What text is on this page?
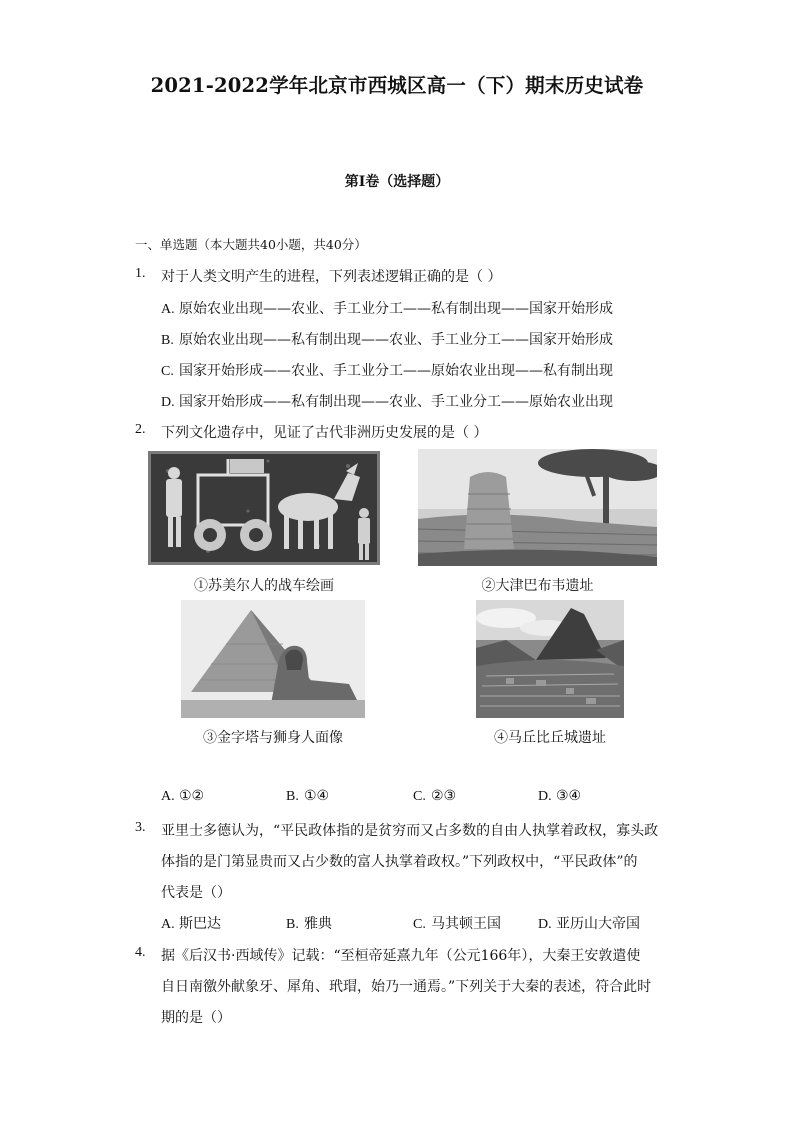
2021-2022学年北京市西城区高一（下）期末历史试卷
第I卷（选择题）
一、单选题（本大题共40小题，共40分）
1.	对于人类文明产生的进程，下列表述逻辑正确的是（ ）
A. 原始农业出现——农业、手工业分工——私有制出现——国家开始形成
B. 原始农业出现——私有制出现——农业、手工业分工——国家开始形成
C. 国家开始形成——农业、手工业分工——原始农业出现——私有制出现
D. 国家开始形成——私有制出现——农业、手工业分工——原始农业出现
2.	下列文化遗存中，见证了古代非洲历史发展的是（ ）
①苏美尔人的战车绘画	②大津巴布韦遗址
③金字塔与狮身人面像	④马丘比丘城遗址
A. ①②	B. ①④	C. ②③	D. ③④
3.	亚里士多德认为，“平民政体指的是贫穷而又占多数的自由人执掌着政权，寡头政
体指的是门第显贵而又占少数的富人执掌着政权。”下列政权中，“平民政体”的
代表是（）
A. 斯巴达	B. 雅典	C. 马其顿王国	D. 亚历山大帝国
4.	据《后汉书·西域传》记载：“至桓帝延熹九年（公元166年），大秦王安敦遣使
自日南徼外献象牙、犀角、玳瑁，始乃一通焉。”下列关于大秦的表述，符合此时
期的是（）
